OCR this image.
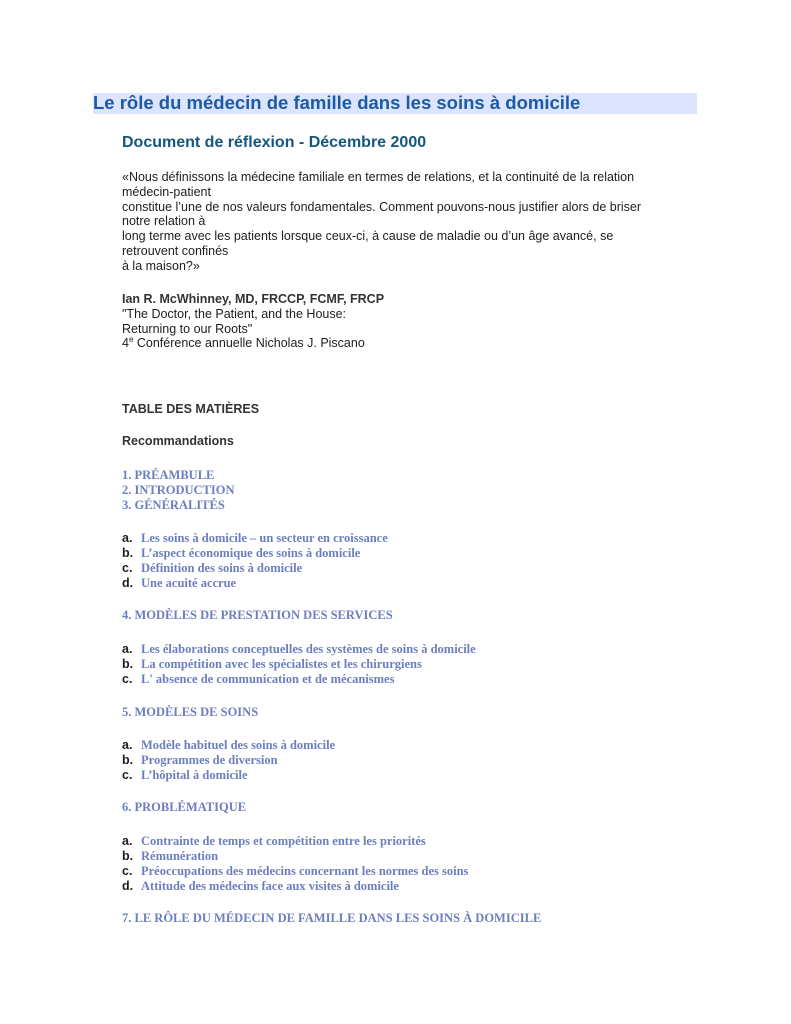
Le rôle du médecin de famille dans les soins à domicile
Document de réflexion - Décembre 2000
«Nous définissons la médecine familiale en termes de relations, et la continuité de la relation
médecin-patient
constitue l’une de nos valeurs fondamentales. Comment pouvons-nous justifier alors de briser
notre relation à
long terme avec les patients lorsque ceux-ci, à cause de maladie ou d’un âge avancé, se
retrouvent confinés
à la maison?»
Ian R. McWhinney, MD, FRCCP, FCMF, FRCP
"The Doctor, the Patient, and the House:
Returning to our Roots"
4e Conférence annuelle Nicholas J. Piscano
TABLE DES MATIÈRES
Recommandations
1. PRÉAMBULE
2. INTRODUCTION
3. GÉNÉRALITÉS
a. Les soins à domicile – un secteur en croissance
b. L’aspect économique des soins à domicile
c. Définition des soins à domicile
d. Une acuité accrue
4. MODÈLES DE PRESTATION DES SERVICES
a. Les élaborations conceptuelles des systèmes de soins à domicile
b. La compétition avec les spécialistes et les chirurgiens
c. L' absence de communication et de mécanismes
5. MODÈLES DE SOINS
a. Modèle habituel des soins à domicile
b. Programmes de diversion
c. L’hôpital à domicile
6. PROBLÉMATIQUE
a. Contrainte de temps et compétition entre les priorités
b. Rémunération
c. Préoccupations des médecins concernant les normes des soins
d. Attitude des médecins face aux visites à domicile
7. LE RÔLE DU MÉDECIN DE FAMILLE DANS LES SOINS À DOMICILE
